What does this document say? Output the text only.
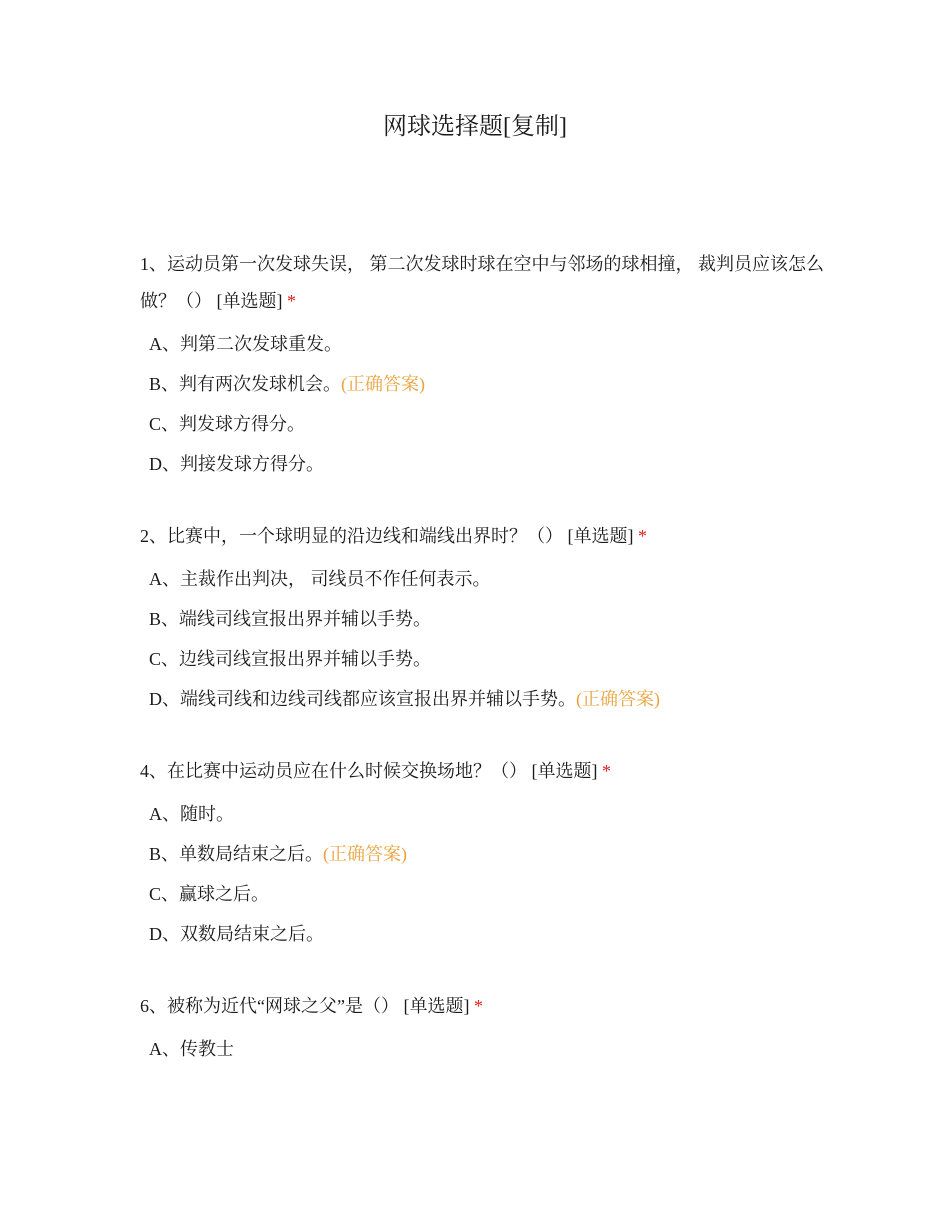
网球选择题[复制]

1、运动员第一次发球失误， 第二次发球时球在空中与邻场的球相撞， 裁判员应该怎么做？（） [单选题] *

A、判第二次发球重发。
B、判有两次发球机会。(正确答案)
C、判发球方得分。
D、判接发球方得分。

2、比赛中，一个球明显的沿边线和端线出界时？（） [单选题] *

A、主裁作出判决， 司线员不作任何表示。
B、端线司线宣报出界并辅以手势。
C、边线司线宣报出界并辅以手势。
D、端线司线和边线司线都应该宣报出界并辅以手势。(正确答案)

4、在比赛中运动员应在什么时候交换场地？（） [单选题] *

A、随时。
B、单数局结束之后。(正确答案)
C、赢球之后。
D、双数局结束之后。

6、被称为近代“网球之父”是（） [单选题] *

A、传教士
